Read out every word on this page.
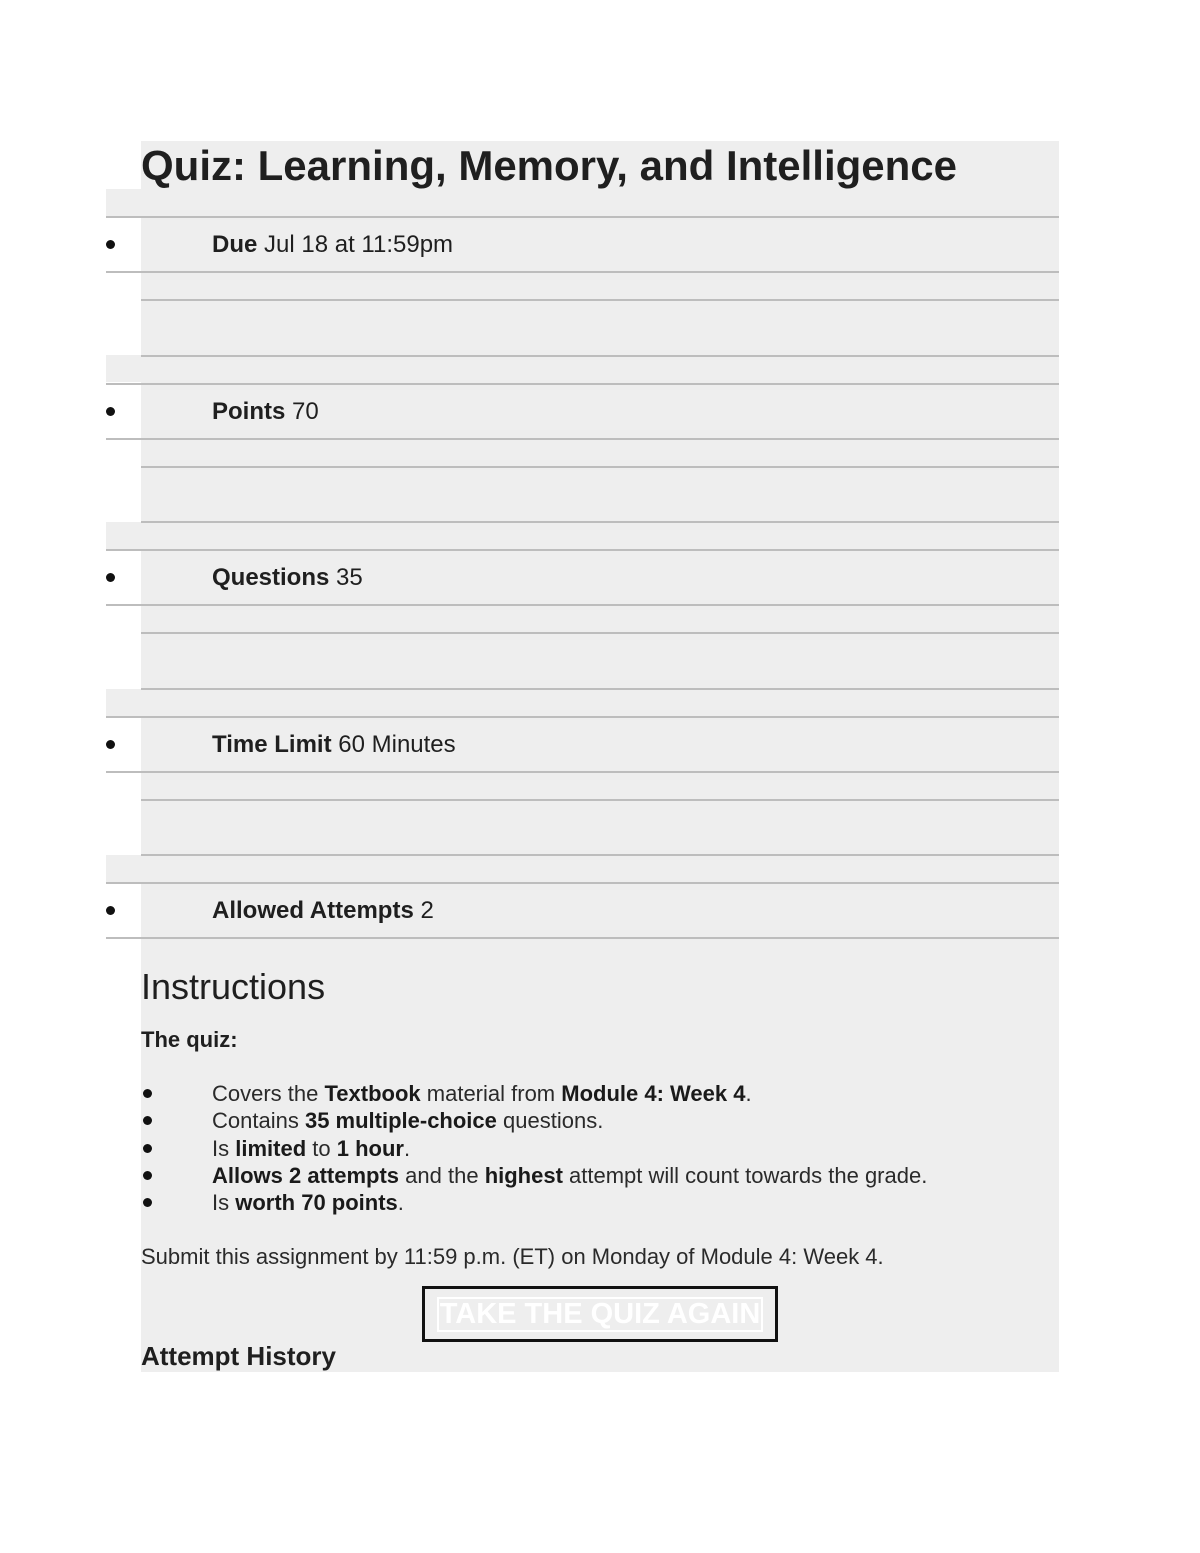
Quiz: Learning, Memory, and Intelligence
Due Jul 18 at 11:59pm
Points 70
Questions 35
Time Limit 60 Minutes
Allowed Attempts 2
Instructions
The quiz:
Covers the Textbook material from Module 4: Week 4.
Contains 35 multiple-choice questions.
Is limited to 1 hour.
Allows 2 attempts and the highest attempt will count towards the grade.
Is worth 70 points.
Submit this assignment by 11:59 p.m. (ET) on Monday of Module 4: Week 4.
TAKE THE QUIZ AGAIN
Attempt History
